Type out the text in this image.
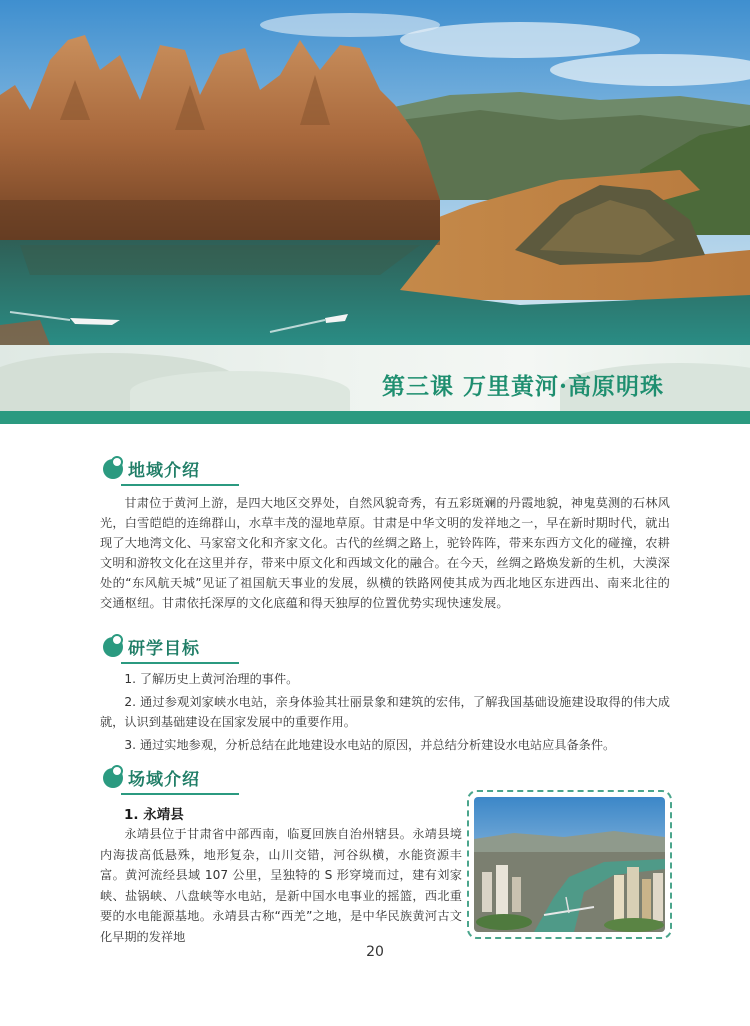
第三课 万里黄河·高原明珠
地域介绍

甘肃位于黄河上游，是四大地区交界处，自然风貌奇秀，有五彩斑斓的丹霞地貌，神鬼莫测的石林风光，白雪皑皑的连绵群山，水草丰茂的湿地草原。甘肃是中华文明的发祥地之一，早在新时期时代，就出现了大地湾文化、马家窑文化和齐家文化。古代的丝绸之路上，驼铃阵阵，带来东西方文化的碰撞，农耕文明和游牧文化在这里并存，带来中原文化和西域文化的融合。在今天，丝绸之路焕发新的生机，大漠深处的“东风航天城”见证了祖国航天事业的发展，纵横的铁路网使其成为西北地区东进西出、南来北往的交通枢纽。甘肃依托深厚的文化底蕴和得天独厚的位置优势实现快速发展。

研学目标

1. 了解历史上黄河治理的事件。

2. 通过参观刘家峡水电站，亲身体验其壮丽景象和建筑的宏伟，了解我国基础设施建设取得的伟大成就，认识到基础建设在国家发展中的重要作用。

3. 通过实地参观，分析总结在此地建设水电站的原因，并总结分析建设水电站应具备条件。

场域介绍
1. 永靖县

永靖县位于甘肃省中部西南，临夏回族自治州辖县。永靖县境内海拔高低悬殊，地形复杂，山川交错，河谷纵横，水能资源丰富。黄河流经县域 107 公里，呈独特的 S 形穿境而过，建有刘家峡、盐锅峡、八盘峡等水电站，是新中国水电事业的摇篮，西北重要的水电能源基地。永靖县古称“西羌”之地，是中华民族黄河古文化早期的发祥地

20
